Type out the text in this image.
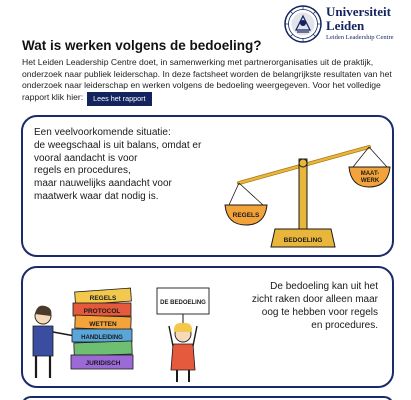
Universiteit
Leiden
Leiden Leadership Centre
Wat is werken volgens de bedoeling?

Het Leiden Leadership Centre doet, in samenwerking met partnerorganisaties uit de praktijk, onderzoek naar publiek leiderschap. In deze factsheet worden de belangrijkste resultaten van het onderzoek naar leiderschap en werken volgens de bedoeling weergegeven. Voor het volledige rapport klik hier: Lees het rapport

Een veelvoorkomende situatie:
de weegschaal is uit balans, omdat er
vooral aandacht is voor
regels en procedures,
maar nauwelijks aandacht voor
maatwerk waar dat nodig is.
REGELS
MAAT-
WERK
BEDOELING
REGELS
PROTOCOL
WETTEN
HANDLEIDING
JURIDISCH
DE BEDOELING
De bedoeling kan uit het
zicht raken door alleen maar
oog te hebben voor regels
en procedures.
